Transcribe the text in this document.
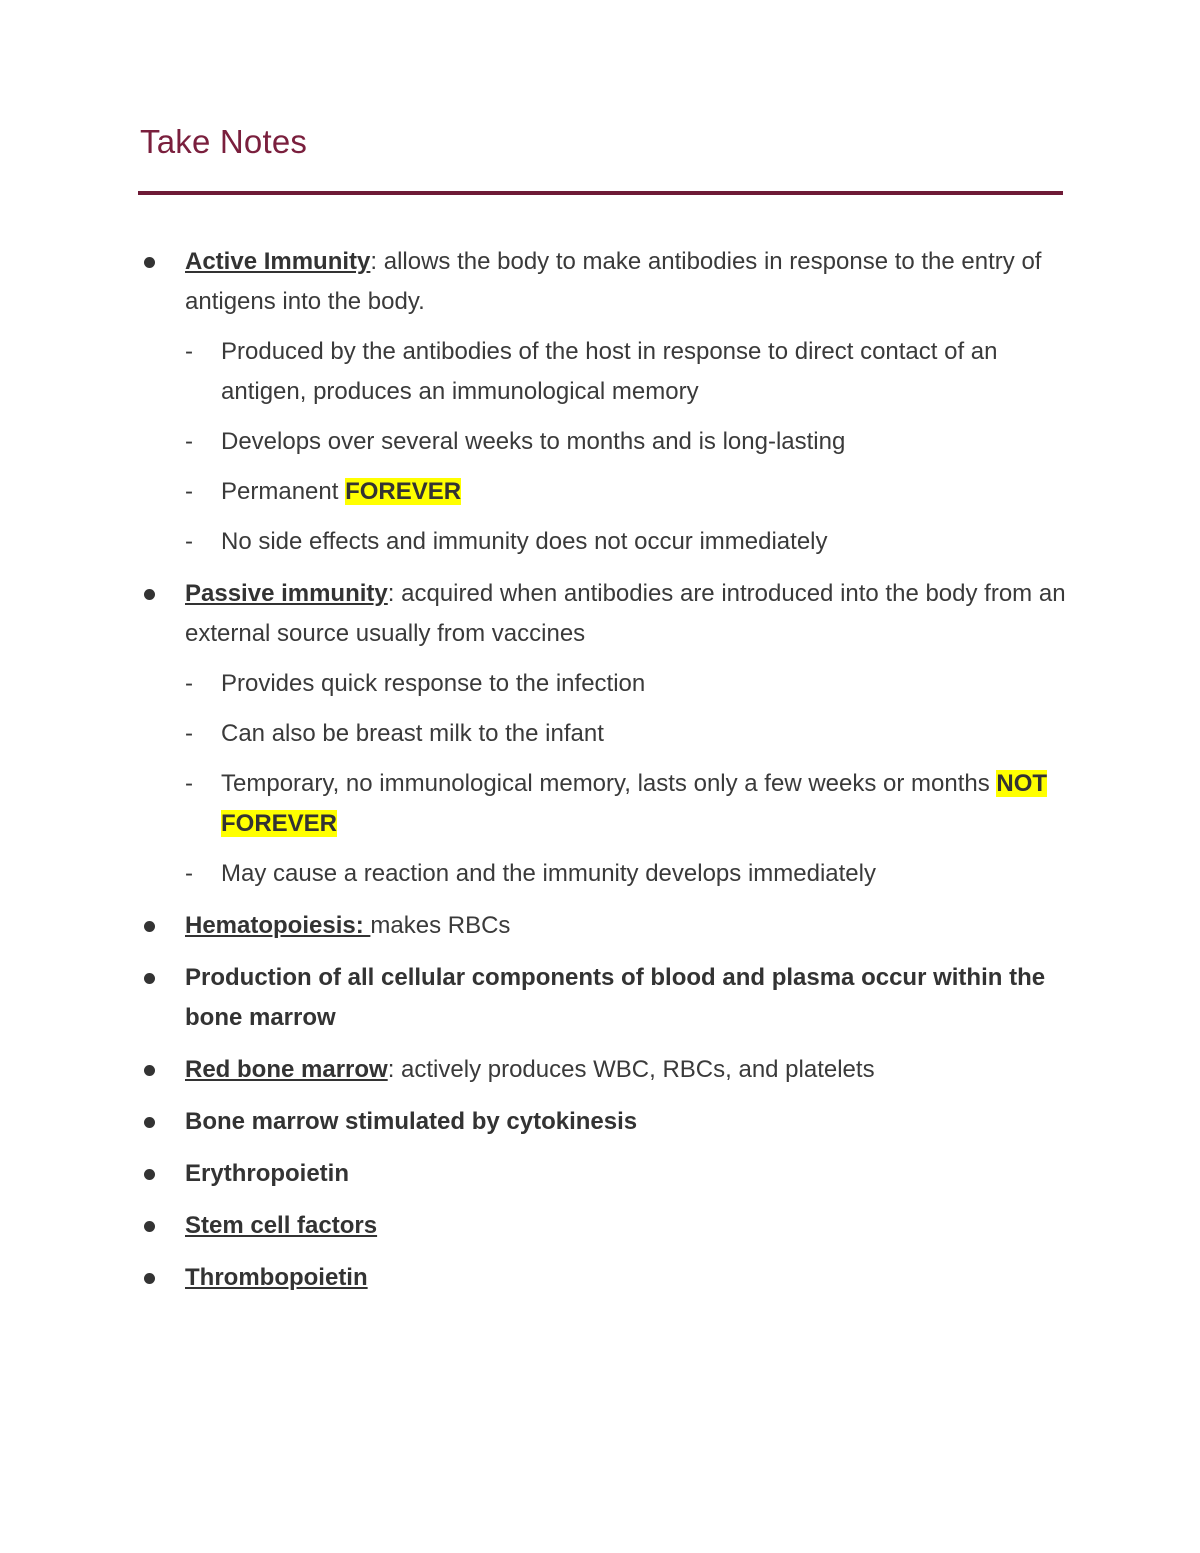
Take Notes
Active Immunity: allows the body to make antibodies in response to the entry of antigens into the body.
- Produced by the antibodies of the host in response to direct contact of an antigen, produces an immunological memory
- Develops over several weeks to months and is long-lasting
- Permanent FOREVER
- No side effects and immunity does not occur immediately
Passive immunity: acquired when antibodies are introduced into the body from an external source usually from vaccines
- Provides quick response to the infection
- Can also be breast milk to the infant
- Temporary, no immunological memory, lasts only a few weeks or months NOT FOREVER
- May cause a reaction and the immunity develops immediately
Hematopoiesis: makes RBCs
Production of all cellular components of blood and plasma occur within the bone marrow
Red bone marrow: actively produces WBC, RBCs, and platelets
Bone marrow stimulated by cytokinesis
Erythropoietin
Stem cell factors
Thrombopoietin
